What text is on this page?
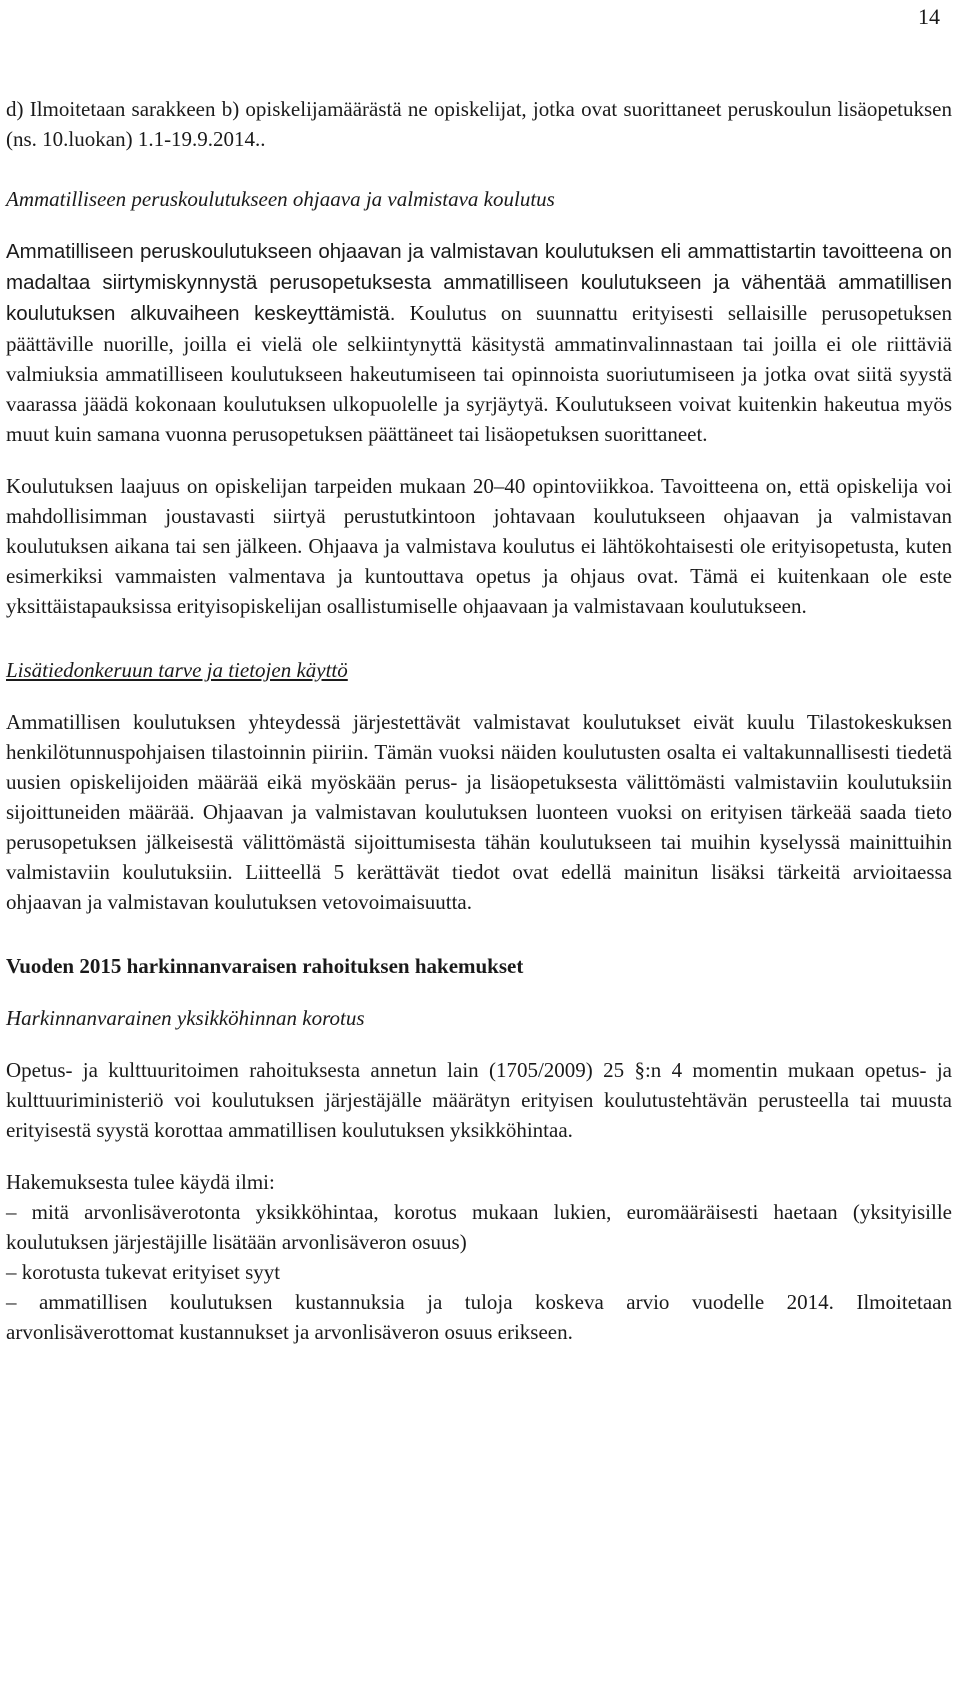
14

d) Ilmoitetaan sarakkeen b) opiskelijamäärästä ne opiskelijat, jotka ovat suorittaneet peruskoulun lisäopetuksen (ns. 10.luokan) 1.1-19.9.2014..

Ammatilliseen peruskoulutukseen ohjaava ja valmistava koulutus

Ammatilliseen peruskoulutukseen ohjaavan ja valmistavan koulutuksen eli ammattistartin tavoitteena on madaltaa siirtymiskynnystä perusopetuksesta ammatilliseen koulutukseen ja vähentää ammatillisen koulutuksen alkuvaiheen keskeyttämistä. Koulutus on suunnattu erityisesti sellaisille perusopetuksen päättäville nuorille, joilla ei vielä ole selkiintynyttä käsitystä ammatinvalinnastaan tai joilla ei ole riittäviä valmiuksia ammatilliseen koulutukseen hakeutumiseen tai opinnoista suoriutumiseen ja jotka ovat siitä syystä vaarassa jäädä kokonaan koulutuksen ulkopuolelle ja syrjäytyä. Koulutukseen voivat kuitenkin hakeutua myös muut kuin samana vuonna perusopetuksen päättäneet tai lisäopetuksen suorittaneet.

Koulutuksen laajuus on opiskelijan tarpeiden mukaan 20–40 opintoviikkoa. Tavoitteena on, että opiskelija voi mahdollisimman joustavasti siirtyä perustutkintoon johtavaan koulutukseen ohjaavan ja valmistavan koulutuksen aikana tai sen jälkeen. Ohjaava ja valmistava koulutus ei lähtökohtaisesti ole erityisopetusta, kuten esimerkiksi vammaisten valmentava ja kuntouttava opetus ja ohjaus ovat. Tämä ei kuitenkaan ole este yksittäistapauksissa erityisopiskelijan osallistumiselle ohjaavaan ja valmistavaan koulutukseen.

Lisätiedonkeruun tarve ja tietojen käyttö

Ammatillisen koulutuksen yhteydessä järjestettävät valmistavat koulutukset eivät kuulu Tilastokeskuksen henkilötunnuspohjaisen tilastoinnin piiriin. Tämän vuoksi näiden koulutusten osalta ei valtakunnallisesti tiedetä uusien opiskelijoiden määrää eikä myöskään perus- ja lisäopetuksesta välittömästi valmistaviin koulutuksiin sijoittuneiden määrää. Ohjaavan ja valmistavan koulutuksen luonteen vuoksi on erityisen tärkeää saada tieto perusopetuksen jälkeisestä välittömästä sijoittumisesta tähän koulutukseen tai muihin kyselyssä mainittuihin valmistaviin koulutuksiin. Liitteellä 5 kerättävät tiedot ovat edellä mainitun lisäksi tärkeitä arvioitaessa ohjaavan ja valmistavan koulutuksen vetovoimaisuutta.

Vuoden 2015 harkinnanvaraisen rahoituksen hakemukset

Harkinnanvarainen yksikköhinnan korotus

Opetus- ja kulttuuritoimen rahoituksesta annetun lain (1705/2009) 25 §:n 4 momentin mukaan opetus- ja kulttuuriministeriö voi koulutuksen järjestäjälle määrätyn erityisen koulutustehtävän perusteella tai muusta erityisestä syystä korottaa ammatillisen koulutuksen yksikköhintaa.

Hakemuksesta tulee käydä ilmi:

– mitä arvonlisäverotonta yksikköhintaa, korotus mukaan lukien, euromääräisesti haetaan (yksityisille koulutuksen järjestäjille lisätään arvonlisäveron osuus)
– korotusta tukevat erityiset syyt
– ammatillisen koulutuksen kustannuksia ja tuloja koskeva arvio vuodelle 2014. Ilmoitetaan arvonlisäverottomat kustannukset ja arvonlisäveron osuus erikseen.
